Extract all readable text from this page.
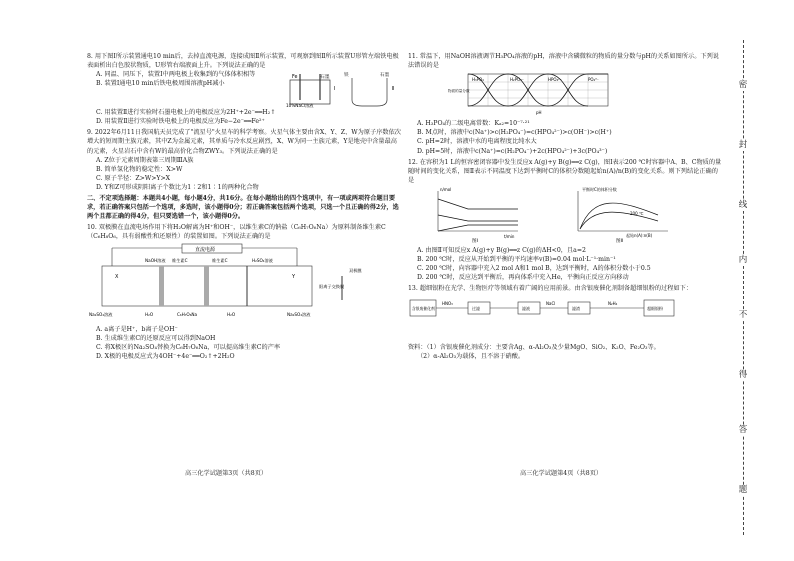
8. 用下图Ⅰ所示装置通电10 min后，去掉直流电源，连接成图Ⅱ所示装置，可观察到图Ⅱ所示装置U形管左端铁电极表面析出白色胶状物质，U形管右端液面上升。下列说法正确的是
A. 同温、同压下，装置Ⅰ中两电极上收集到的气体体积相等
B. 装置Ⅰ通电10 min后铁电极周围溶液pH减小
石墨
Fe
10%NaCl溶液
Ⅰ	Ⅱ
铁	石墨
C. 用装置Ⅱ进行实验时石墨电极上的电极反应为2H⁺+2e⁻══H₂↑
D. 用装置Ⅱ进行实验时铁电极上的电极反应为Fe−2e⁻══Fe²⁺
9. 2022年6月11日我国航天员完成了"流星号"火星车的科学考察。火星气体主要由含X、Y、Z、W为原子序数依次增大的短周期主族元素，其中Z为金属元素，其单质与冷水反应剧烈，X、W为同一主族元素，Y是地壳中含量最高的元素，火星岩石中含有W的最高价化合物ZWY₃。下列说法正确的是
A. Z位于元素周期表第三周期ⅢA族
B. 简单氢化物的稳定性：X>W
C. 原子半径：Z>W>Y>X
D. Y和Z可形成阴阳离子个数比为1∶2和1∶1的两种化合物
二、不定项选择题：本题共4小题，每小题4分，共16分。在每小题给出的四个选项中，有一项或两项符合题目要求，若正确答案只包括一个选项，多选时，该小题得0分；若正确答案包括两个选项，只选一个且正确的得2分，选两个且都正确的得4分，但只要选错一个，该小题得0分。
10. 双极膜在直流电场作用下将H₂O解离为H⁺和OH⁻，以维生素C的钠盐（C₆H₇O₆Na）为原料制备维生素C（C₆H₈O₆，具有弱酸性和还原性）的装置如图。下列说法正确的是
直流电源
X	Y
NaOH溶液 维生素C	维生素C	H₂SO₄溶液
Na₂SO₄溶液	Na₂SO₄溶液
H₂O	H₂O
C₆H₇O₆Na
阳离子交换膜
双极膜
A. a离子是H⁺，b离子是OH⁻
B. 生成维生素C的还原反应可以得到NaOH
C. 将X极区的Na₂SO₄替换为C₆H₇O₆Na，可以提高维生素C的产率
D. X极的电极反应式为4OH⁻+4e⁻══O₂↑+2H₂O
高三化学试题第3页（共8页）
11. 常温下，用NaOH溶液调节H₃PO₄溶液的pH，溶液中含磷微粒的物质的量分数与pH的关系如图所示。下列说法错误的是
H₃PO₄	H₂PO₄⁻	HPO₄²⁻	PO₄³⁻
物质的量分数
pH
A. H₃PO₄的二级电离常数：Kₐ₂=10⁻⁷·²¹
B. M点时，溶液中c(Na⁺)>c(H₂PO₄⁻)=c(HPO₄²⁻)>c(OH⁻)>c(H⁺)
C. pH=2时，溶液中水的电离程度比纯水大
D. pH=5时，溶液中c(Na⁺)=c(H₂PO₄⁻)+2c(HPO₄²⁻)+3c(PO₄³⁻)
12. 在容积为1 L的恒容密闭容器中发生反应x A(g)+y B(g)══z C(g)，图Ⅰ表示200 ℃时容器中A、B、C物质的量随时间的变化关系，图Ⅱ表示不同温度下达到平衡时C的体积分数随起始n(A)/n(B)的变化关系。则下列结论正确的是
n/mol
t/min
图Ⅰ
平衡时C的体积分数
200 ℃
起始n(A):n(B)
图Ⅱ
A. 由图Ⅱ可知反应x A(g)+y B(g)══z C(g)的ΔH<0，且a=2
B. 200 ℃时，反应从开始到平衡的平均速率v(B)=0.04 mol·L⁻¹·min⁻¹
C. 200 ℃时，向容器中充入2 mol A和1 mol B，达到平衡时，A的体积分数小于0.5
D. 200 ℃时，反应达到平衡后，再向体系中充入He，平衡向正反应方向移动
13. 超细银粉在光学、生物医疗等领域有着广阔的应用前景。由含银废催化剂制备超细银粉的过程如下：
含银废催化剂
HNO₃
过滤	滤液
NaCl
滤渣
N₂H₄
超细银粉
资料：（1）含银废催化剂成分：主要含Ag、α-Al₂O₃及少量MgO、SiO₂、K₂O、Fe₂O₃等。
（2）α-Al₂O₃为载体，且不溶于硝酸。
高三化学试题第4页（共8页）
密
封
线
内
不
得
答
题
